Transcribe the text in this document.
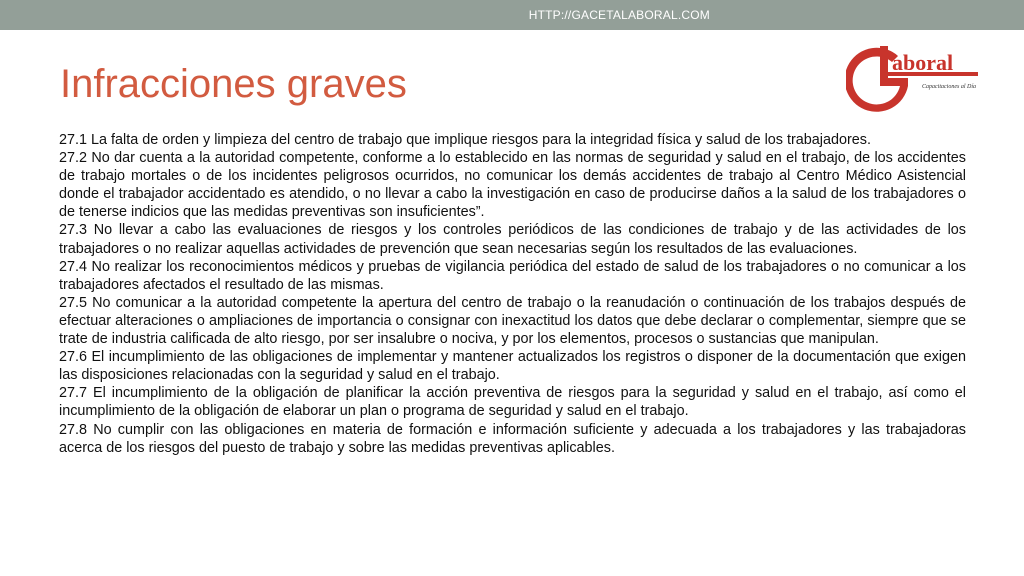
HTTP://GACETALABORAL.COM
Infracciones graves	aboral
Capacitaciones al Día

27.1 La falta de orden y limpieza del centro de trabajo que implique riesgos para la integridad física y salud de los trabajadores.

27.2 No dar cuenta a la autoridad competente, conforme a lo establecido en las normas de seguridad y salud en el trabajo, de los accidentes de trabajo mortales o de los incidentes peligrosos ocurridos, no comunicar los demás accidentes de trabajo al Centro Médico Asistencial donde el trabajador accidentado es atendido, o no llevar a cabo la investigación en caso de producirse daños a la salud de los trabajadores o de tenerse indicios que las medidas preventivas son insuficientes”.

27.3 No llevar a cabo las evaluaciones de riesgos y los controles periódicos de las condiciones de trabajo y de las actividades de los trabajadores o no realizar aquellas actividades de prevención que sean necesarias según los resultados de las evaluaciones.

27.4 No realizar los reconocimientos médicos y pruebas de vigilancia periódica del estado de salud de los trabajadores o no comunicar a los trabajadores afectados el resultado de las mismas.

27.5 No comunicar a la autoridad competente la apertura del centro de trabajo o la reanudación o continuación de los trabajos después de efectuar alteraciones o ampliaciones de importancia o consignar con inexactitud los datos que debe declarar o complementar, siempre que se trate de industria calificada de alto riesgo, por ser insalubre o nociva, y por los elementos, procesos o sustancias que manipulan.

27.6 El incumplimiento de las obligaciones de implementar y mantener actualizados los registros o disponer de la documentación que exigen las disposiciones relacionadas con la seguridad y salud en el trabajo.

27.7 El incumplimiento de la obligación de planificar la acción preventiva de riesgos para la seguridad y salud en el trabajo, así como el incumplimiento de la obligación de elaborar un plan o programa de seguridad y salud en el trabajo.

27.8 No cumplir con las obligaciones en materia de formación e información suficiente y adecuada a los trabajadores y las trabajadoras acerca de los riesgos del puesto de trabajo y sobre las medidas preventivas aplicables.
